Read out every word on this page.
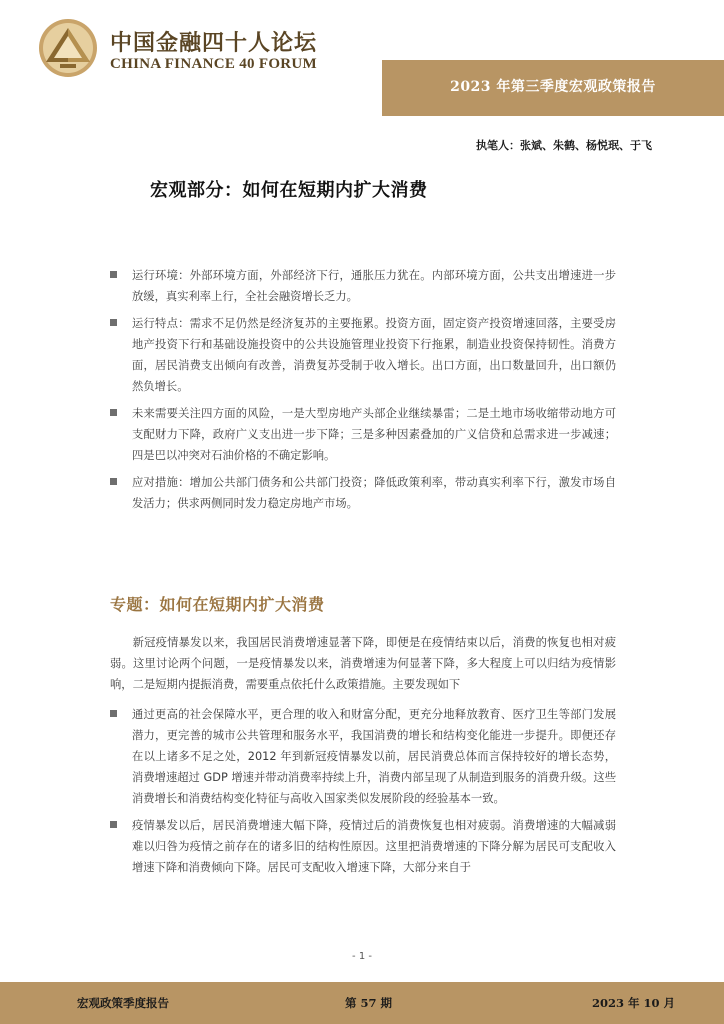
中国金融四十人论坛
CHINA FINANCE 40 FORUM
2023 年第三季度宏观政策报告
执笔人：张斌、朱鹤、杨悦珉、于飞
宏观部分：如何在短期内扩大消费
运行环境：外部环境方面，外部经济下行，通胀压力犹在。内部环境方面，公共支出增速进一步放缓，真实利率上行，全社会融资增长乏力。
运行特点：需求不足仍然是经济复苏的主要拖累。投资方面，固定资产投资增速回落，主要受房地产投资下行和基础设施投资中的公共设施管理业投资下行拖累，制造业投资保持韧性。消费方面，居民消费支出倾向有改善，消费复苏受制于收入增长。出口方面，出口数量回升，出口额仍然负增长。
未来需要关注四方面的风险，一是大型房地产头部企业继续暴雷；二是土地市场收缩带动地方可支配财力下降，政府广义支出进一步下降；三是多种因素叠加的广义信贷和总需求进一步减速；四是巴以冲突对石油价格的不确定影响。
应对措施：增加公共部门债务和公共部门投资；降低政策利率，带动真实利率下行，激发市场自发活力；供求两侧同时发力稳定房地产市场。
专题：如何在短期内扩大消费

新冠疫情暴发以来，我国居民消费增速显著下降，即便是在疫情结束以后，消费的恢复也相对疲弱。这里讨论两个问题，一是疫情暴发以来，消费增速为何显著下降，多大程度上可以归结为疫情影响，二是短期内提振消费，需要重点依托什么政策措施。主要发现如下

通过更高的社会保障水平，更合理的收入和财富分配，更充分地释放教育、医疗卫生等部门发展潜力，更完善的城市公共管理和服务水平，我国消费的增长和结构变化能进一步提升。即便还存在以上诸多不足之处，2012 年到新冠疫情暴发以前，居民消费总体而言保持较好的增长态势，消费增速超过 GDP 增速并带动消费率持续上升，消费内部呈现了从制造到服务的消费升级。这些消费增长和消费结构变化特征与高收入国家类似发展阶段的经验基本一致。
疫情暴发以后，居民消费增速大幅下降，疫情过后的消费恢复也相对疲弱。消费增速的大幅减弱难以归咎为疫情之前存在的诸多旧的结构性原因。这里把消费增速的下降分解为居民可支配收入增速下降和消费倾向下降。居民可支配收入增速下降，大部分来自于
- 1 -
宏观政策季度报告	第 57 期	2023 年 10 月
